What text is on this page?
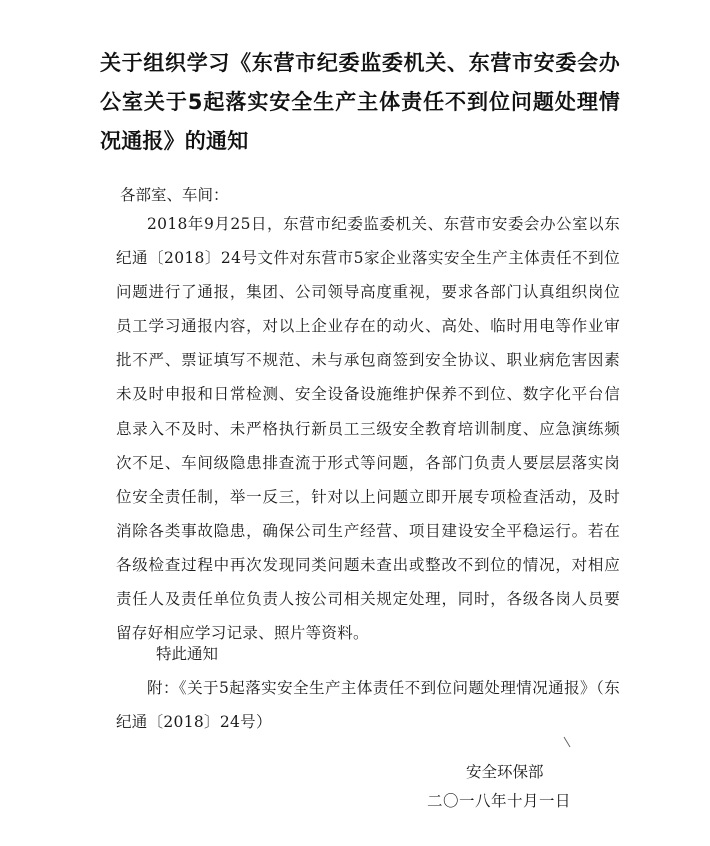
关于组织学习《东营市纪委监委机关、东营市安委会办公室关于5起落实安全生产主体责任不到位问题处理情况通报》的通知
各部室、车间：
2018年9月25日，东营市纪委监委机关、东营市安委会办公室以东纪通〔2018〕24号文件对东营市5家企业落实安全生产主体责任不到位问题进行了通报，集团、公司领导高度重视，要求各部门认真组织岗位员工学习通报内容，对以上企业存在的动火、高处、临时用电等作业审批不严、票证填写不规范、未与承包商签到安全协议、职业病危害因素未及时申报和日常检测、安全设备设施维护保养不到位、数字化平台信息录入不及时、未严格执行新员工三级安全教育培训制度、应急演练频次不足、车间级隐患排查流于形式等问题，各部门负责人要层层落实岗位安全责任制，举一反三，针对以上问题立即开展专项检查活动，及时消除各类事故隐患，确保公司生产经营、项目建设安全平稳运行。若在各级检查过程中再次发现同类问题未查出或整改不到位的情况，对相应责任人及责任单位负责人按公司相关规定处理，同时，各级各岗人员要留存好相应学习记录、照片等资料。
特此通知
附：《关于5起落实安全生产主体责任不到位问题处理情况通报》（东纪通〔2018〕24号）
安全环保部
二〇一八年十月一日
